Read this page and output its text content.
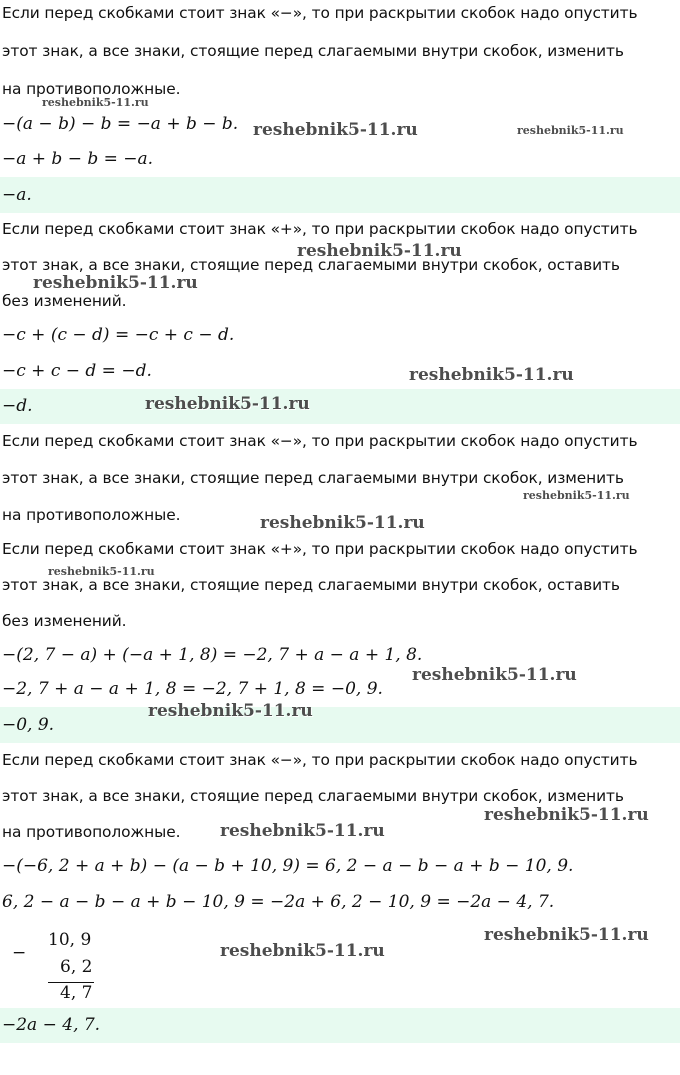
Если перед скобками стоит знак «−», то при раскрытии скобок надо опустить
этот знак, а все знаки, стоящие перед слагаемыми внутри скобок, изменить
на противоположные.
−(a − b) − b = −a + b − b.
−a + b − b = −a.
−a.
Если перед скобками стоит знак «+», то при раскрытии скобок надо опустить
этот знак, а все знаки, стоящие перед слагаемыми внутри скобок, оставить
без изменений.
−c + (c − d) = −c + c − d.
−c + c − d = −d.
−d.
Если перед скобками стоит знак «−», то при раскрытии скобок надо опустить
этот знак, а все знаки, стоящие перед слагаемыми внутри скобок, изменить
на противоположные.
Если перед скобками стоит знак «+», то при раскрытии скобок надо опустить
этот знак, а все знаки, стоящие перед слагаемыми внутри скобок, оставить
без изменений.
−(2, 7 − a) + (−a + 1, 8) = −2, 7 + a − a + 1, 8.
−2, 7 + a − a + 1, 8 = −2, 7 + 1, 8 = −0, 9.
−0, 9.
Если перед скобками стоит знак «−», то при раскрытии скобок надо опустить
этот знак, а все знаки, стоящие перед слагаемыми внутри скобок, изменить
на противоположные.
−(−6, 2 + a + b) − (a − b + 10, 9) = 6, 2 − a − b − a + b − 10, 9.
6, 2 − a − b − a + b − 10, 9 = −2a + 6, 2 − 10, 9 = −2a − 4, 7.
−
10, 9
6, 2
4, 7
−2a − 4, 7.
reshebnik5-11.ru
reshebnik5-11.ru	reshebnik5-11.ru
reshebnik5-11.ru
reshebnik5-11.ru
reshebnik5-11.ru
reshebnik5-11.ru
reshebnik5-11.ru
reshebnik5-11.ru
reshebnik5-11.ru
reshebnik5-11.ru
reshebnik5-11.ru
reshebnik5-11.ru
reshebnik5-11.ru
reshebnik5-11.ru
reshebnik5-11.ru
